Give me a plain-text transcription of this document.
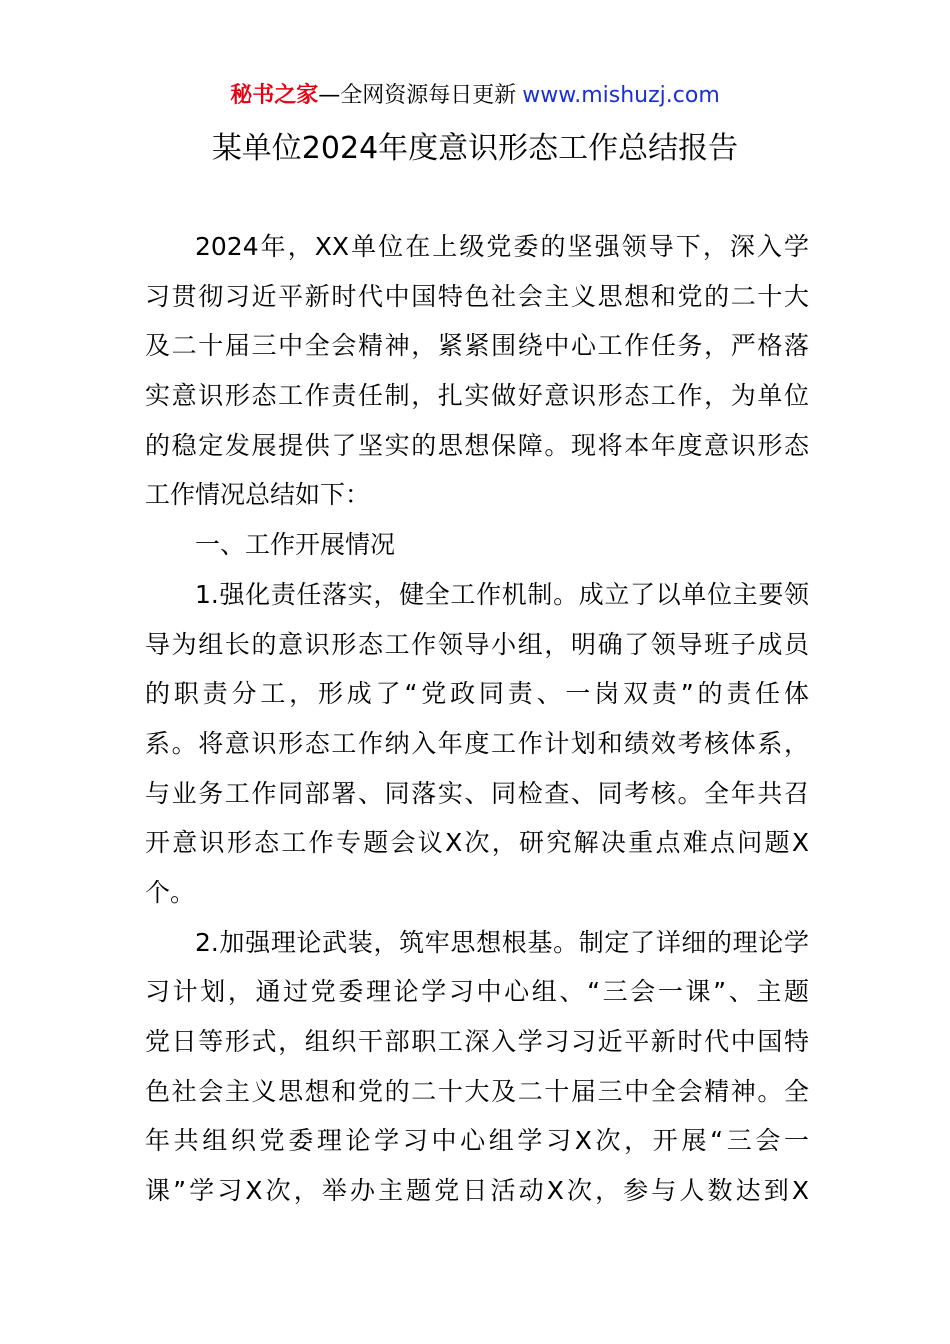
秘书之家—全网资源每日更新 www.mishuzj.com
某单位2024年度意识形态工作总结报告
2024年，XX单位在上级党委的坚强领导下，深入学
习贯彻习近平新时代中国特色社会主义思想和党的二十大
及二十届三中全会精神，紧紧围绕中心工作任务，严格落
实意识形态工作责任制，扎实做好意识形态工作，为单位
的稳定发展提供了坚实的思想保障。现将本年度意识形态
工作情况总结如下：
一、工作开展情况
1.强化责任落实，健全工作机制。成立了以单位主要领
导为组长的意识形态工作领导小组，明确了领导班子成员
的职责分工，形成了“党政同责、一岗双责”的责任体
系。将意识形态工作纳入年度工作计划和绩效考核体系，
与业务工作同部署、同落实、同检查、同考核。全年共召
开意识形态工作专题会议X次，研究解决重点难点问题X
个。
2.加强理论武装，筑牢思想根基。制定了详细的理论学
习计划，通过党委理论学习中心组、“三会一课”、主题
党日等形式，组织干部职工深入学习习近平新时代中国特
色社会主义思想和党的二十大及二十届三中全会精神。全
年共组织党委理论学习中心组学习X次，开展“三会一
课”学习X次，举办主题党日活动X次，参与人数达到X
